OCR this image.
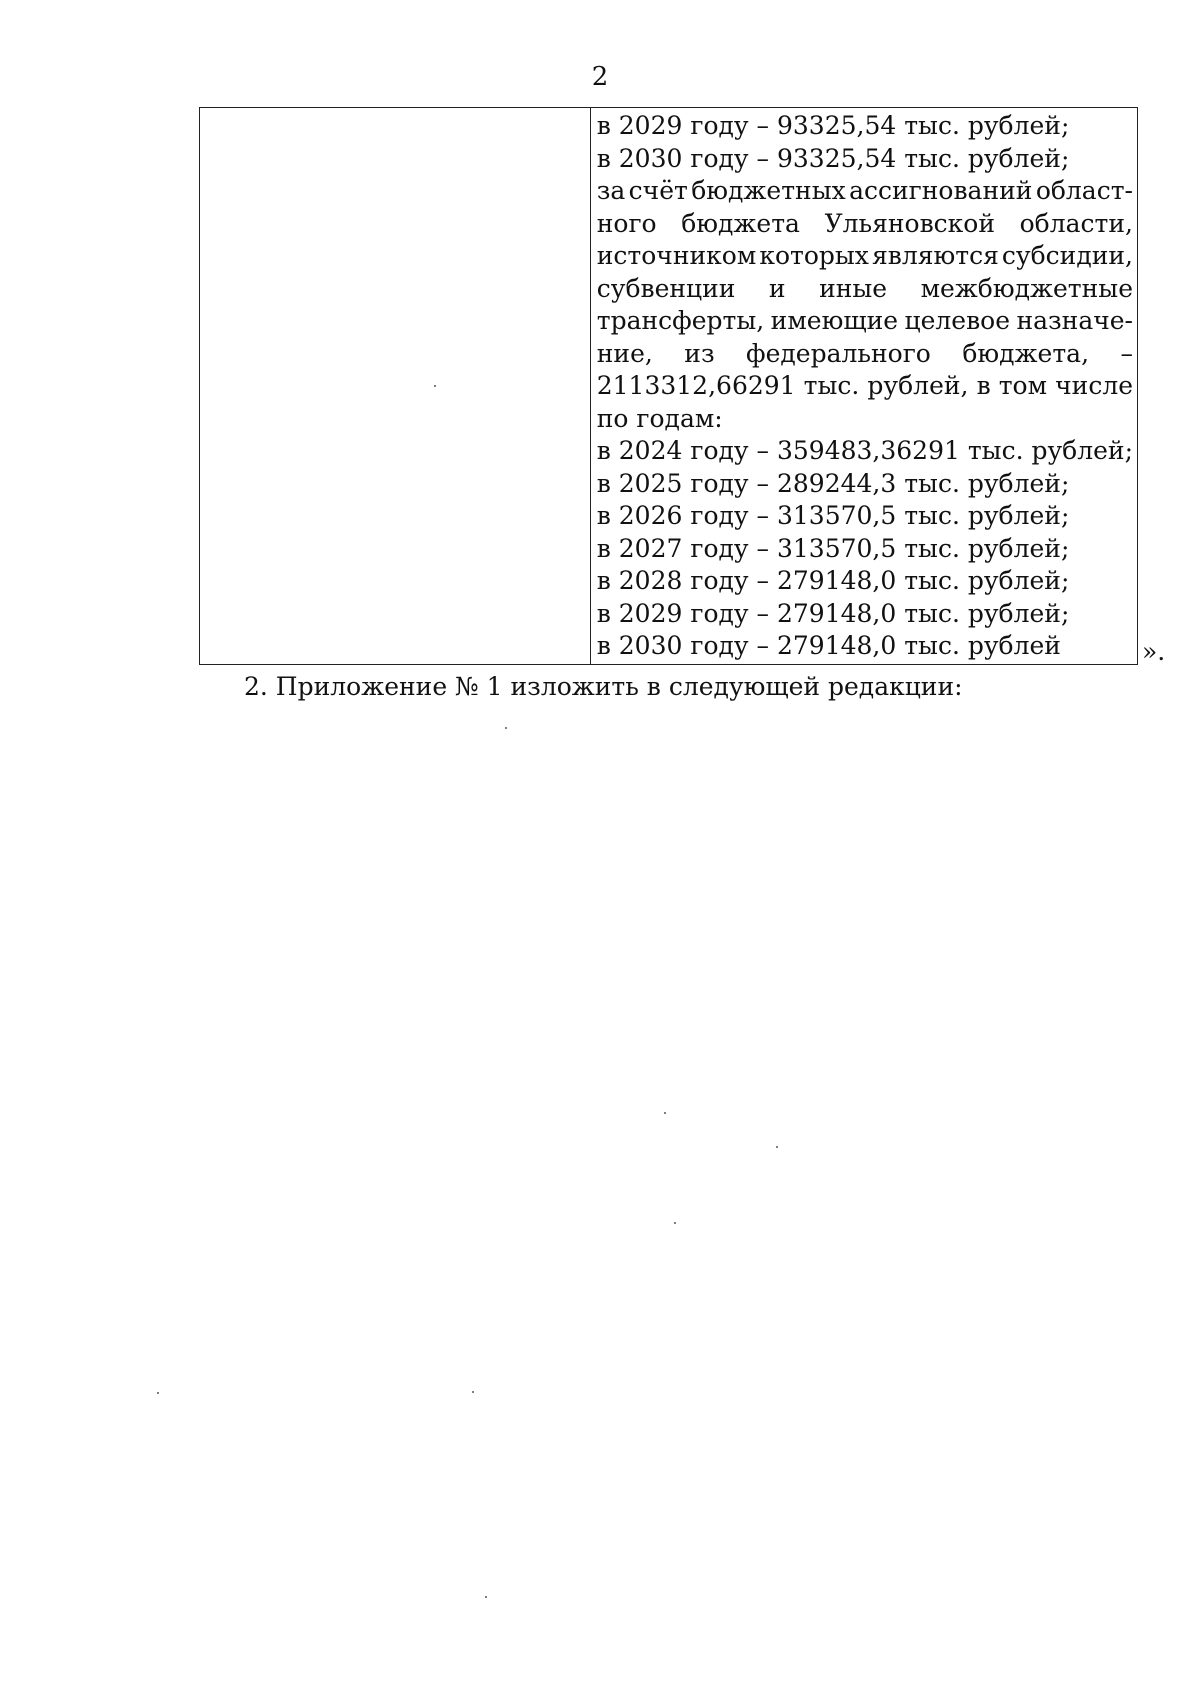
2
в 2029 году – 93325,54 тыс. рублей;
в 2030 году – 93325,54 тыс. рублей;
за счёт бюджетных ассигнований област-
ного бюджета Ульяновской области,
источником которых являются субсидии,
субвенции и иные межбюджетные
трансферты, имеющие целевое назначе-
ние, из федерального бюджета, –
2113312,66291 тыс. рублей, в том числе
по годам:
в 2024 году – 359483,36291 тыс. рублей;
в 2025 году – 289244,3 тыс. рублей;
в 2026 году – 313570,5 тыс. рублей;
в 2027 году – 313570,5 тыс. рублей;
в 2028 году – 279148,0 тыс. рублей;
в 2029 году – 279148,0 тыс. рублей;
в 2030 году – 279148,0 тыс. рублей	».
2. Приложение № 1 изложить в следующей редакции:
